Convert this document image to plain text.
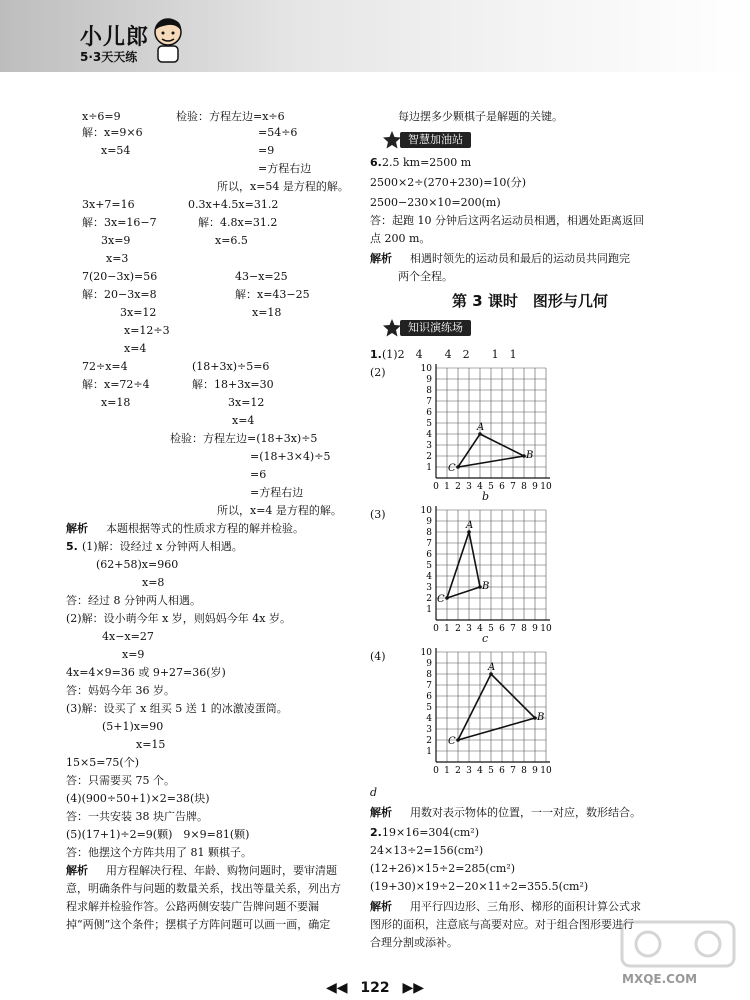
小儿郎
5·3天天练
x÷6=9
解：x=9×6
x=54
检验：方程左边=x÷6
=54÷6
=9
=方程右边
所以，x=54 是方程的解。
3x+7=16
解：3x=16−7
3x=9
x=3
0.3x+4.5x=31.2
解：4.8x=31.2
x=6.5
7(20−3x)=56
解：20−3x=8
3x=12
x=12÷3
x=4
43−x=25
解：x=43−25
x=18
72÷x=4
解：x=72÷4
x=18
(18+3x)÷5=6
解：18+3x=30
3x=12
x=4
检验：方程左边=(18+3x)÷5
=(18+3×4)÷5
=6
=方程右边
所以，x=4 是方程的解。
解析 本题根据等式的性质求方程的解并检验。
5. (1)解：设经过 x 分钟两人相遇。
(62+58)x=960
x=8
答：经过 8 分钟两人相遇。
(2)解：设小萌今年 x 岁，则妈妈今年 4x 岁。
4x−x=27
x=9
4x=4×9=36 或 9+27=36(岁)
答：妈妈今年 36 岁。
(3)解：设买了 x 组买 5 送 1 的冰激凌蛋筒。
(5+1)x=90
x=15
15×5=75(个)
答：只需要买 75 个。
(4)(900÷50+1)×2=38(块)
答：一共安装 38 块广告牌。
(5)(17+1)÷2=9(颗)　9×9=81(颗)
答：他摆这个方阵共用了 81 颗棋子。
解析 用方程解决行程、年龄、购物问题时，要审清题
意，明确条件与问题的数量关系，找出等量关系，列出方
程求解并检验作答。公路两侧安装广告牌问题不要漏
掉“两侧”这个条件；摆棋子方阵问题可以画一画，确定
每边摆多少颗棋子是解题的关键。
智慧加油站
6. 2.5 km=2500 m
2500×2÷(270+230)=10(分)
2500−230×10=200(m)
答：起跑 10 分钟后这两名运动员相遇，相遇处距离返回
点 200 m。
解析 相遇时领先的运动员和最后的运动员共同跑完
两个全程。
第 3 课时　图形与几何
知识演练场
1. (1)2　4　　4　2　　1　1
(2)
(3)
(4)
0 1
1
2
2
3
3
4
4
5
5
6
6
7
7
8
8
9
9
10
10
A
B
C
0 1
1
2
2
3
3
4
4
5
5
6
6
7
7
8
8
9
9
10
10
A
B
C
0 1
1
2
2
3
3
4
4
5
5
6
6
7
7
8
8
9
9
10
10
A
B
C
b
c
d
解析 用数对表示物体的位置，一一对应，数形结合。
2. 19×16=304(cm²)
24×13÷2=156(cm²)
(12+26)×15÷2=285(cm²)
(19+30)×19÷2−20×11÷2=355.5(cm²)
解析 用平行四边形、三角形、梯形的面积计算公式求
图形的面积，注意底与高要对应。对于组合图形要进行
合理分割或添补。
◀◀ 122 ▶▶
MXQE.COM
